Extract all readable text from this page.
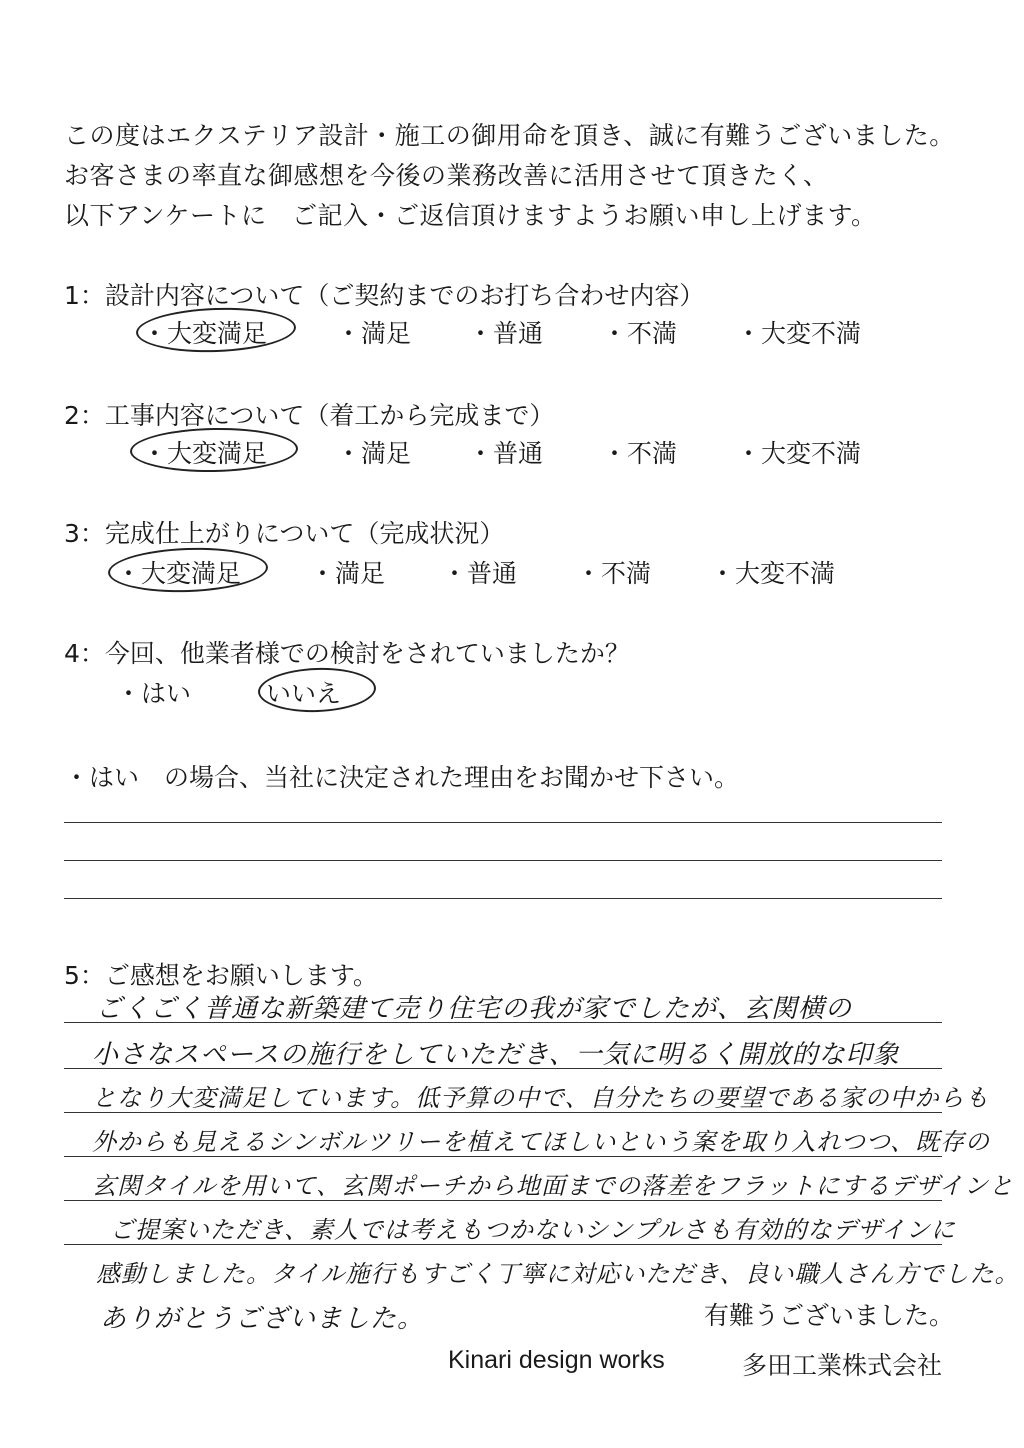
この度はエクステリア設計・施工の御用命を頂き、誠に有難うございました。
お客さまの率直な御感想を今後の業務改善に活用させて頂きたく、
以下アンケートに　ご記入・ご返信頂けますようお願い申し上げます。
1：設計内容について（ご契約までのお打ち合わせ内容）
・大変満足	・満足 ・普通 ・不満 ・大変不満
2：工事内容について（着工から完成まで）
・大変満足	・満足 ・普通 ・不満 ・大変不満
3：完成仕上がりについて（完成状況）
・大変満足	・満足 ・普通 ・不満 ・大変不満
4：今回、他業者様での検討をされていましたか？
・はい	いいえ
・はい　の場合、当社に決定された理由をお聞かせ下さい。
5：ご感想をお願いします。
ごくごく普通な新築建て売り住宅の我が家でしたが、玄関横の
小さなスペースの施行をしていただき、一気に明るく開放的な印象
となり大変満足しています。低予算の中で、自分たちの要望である家の中からも
外からも見えるシンボルツリーを植えてほしいという案を取り入れつつ、既存の
玄関タイルを用いて、玄関ポーチから地面までの落差をフラットにするデザインと
ご提案いただき、素人では考えもつかないシンプルさも有効的なデザインに
感動しました。タイル施行もすごく丁寧に対応いただき、良い職人さん方でした。
ありがとうございました。	有難うございました。
Kinari design works	多田工業株式会社
